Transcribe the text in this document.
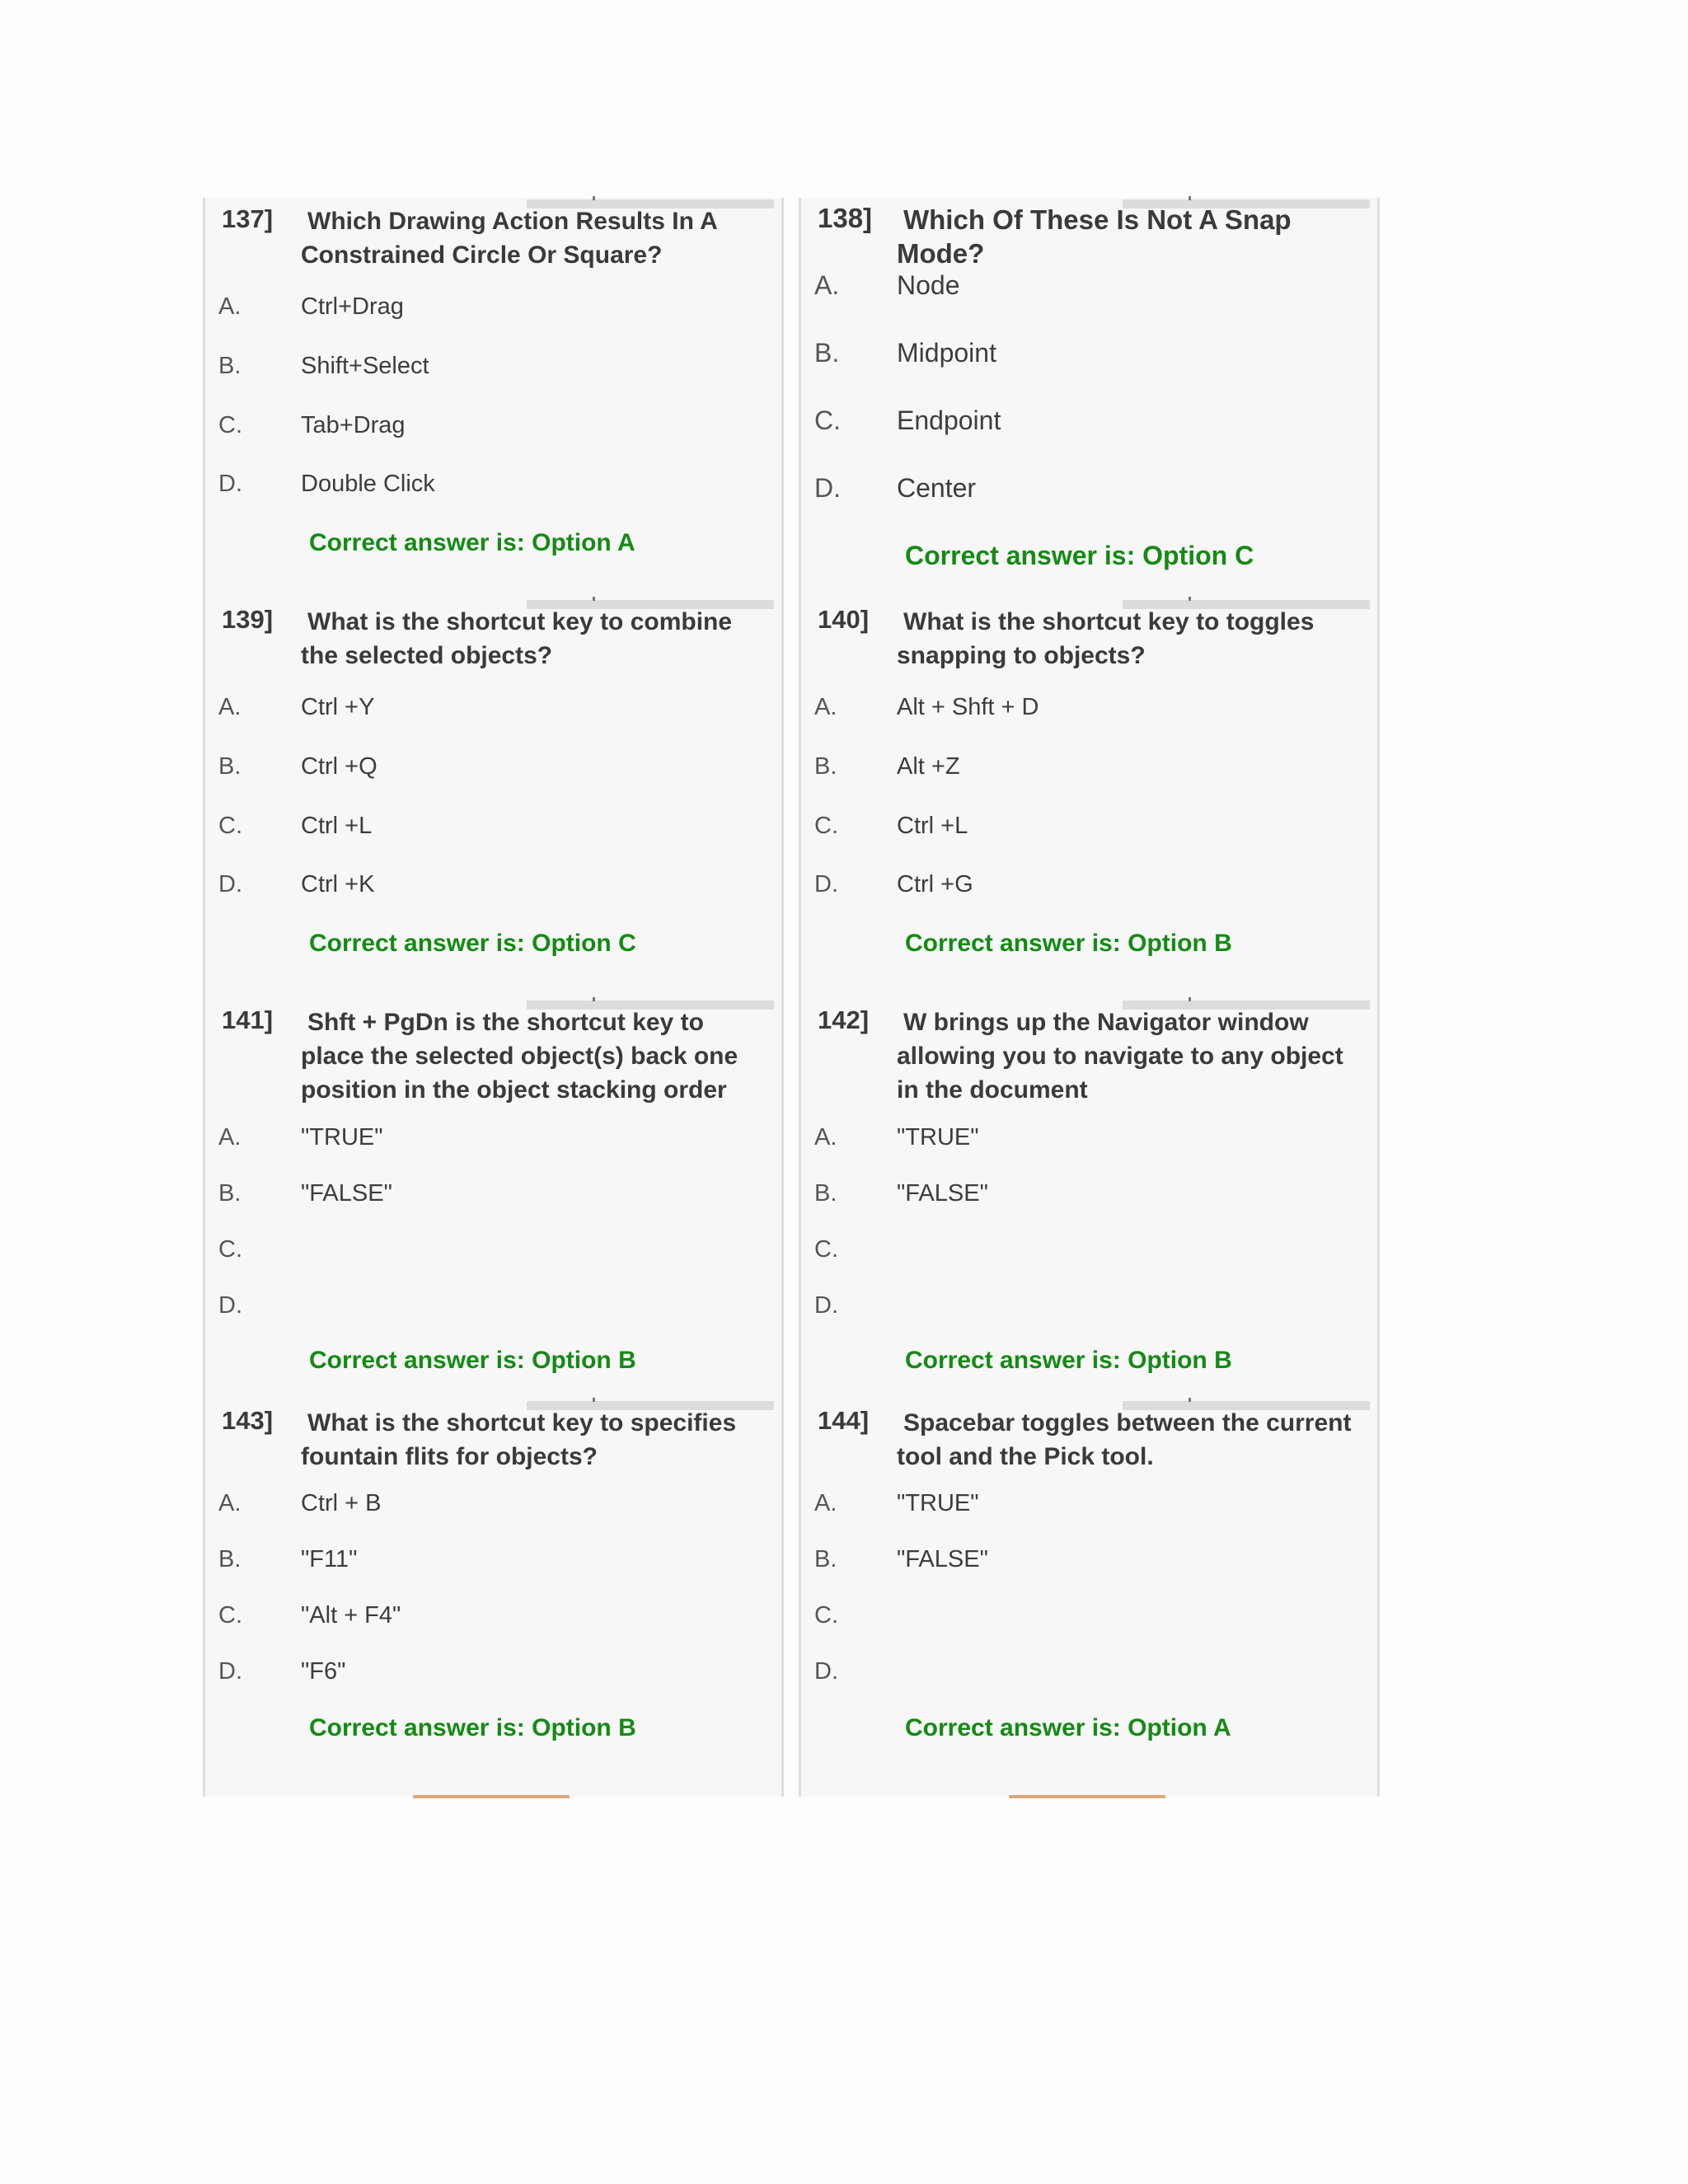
137] Which Drawing Action Results In A Constrained Circle Or Square?
A.	Ctrl+Drag
B.	Shift+Select
C. Tab+Drag
D. Double Click
Correct answer is: Option A
138] Which Of These Is Not A Snap Mode?
A. Node
B. Midpoint
C. Endpoint
D. Center
Correct answer is: Option C
139] What is the shortcut key to combine the selected objects?
A.	Ctrl +Y
B.	Ctrl +Q
C. Ctrl +L
D. Ctrl +K
Correct answer is: Option C
140] What is the shortcut key to toggles snapping to objects?
A.	Alt + Shft + D
B.	Alt +Z
C. Ctrl +L
D. Ctrl +G
Correct answer is: Option B
141] Shft + PgDn is the shortcut key to place the selected object(s) back one position in the object stacking order
A.	"TRUE"
B.	"FALSE"
C.
D.
Correct answer is: Option B
142] W brings up the Navigator window allowing you to navigate to any object in the document
A.	"TRUE"
B.	"FALSE"
C.
D.
Correct answer is: Option B
143] What is the shortcut key to specifies fountain flits for objects?
A.	Ctrl + B
B.	"F11"
C. "Alt + F4"
D. "F6"
Correct answer is: Option B
144] Spacebar toggles between the current tool and the Pick tool.
A.	"TRUE"
B.	"FALSE"
C.
D.
Correct answer is: Option A
